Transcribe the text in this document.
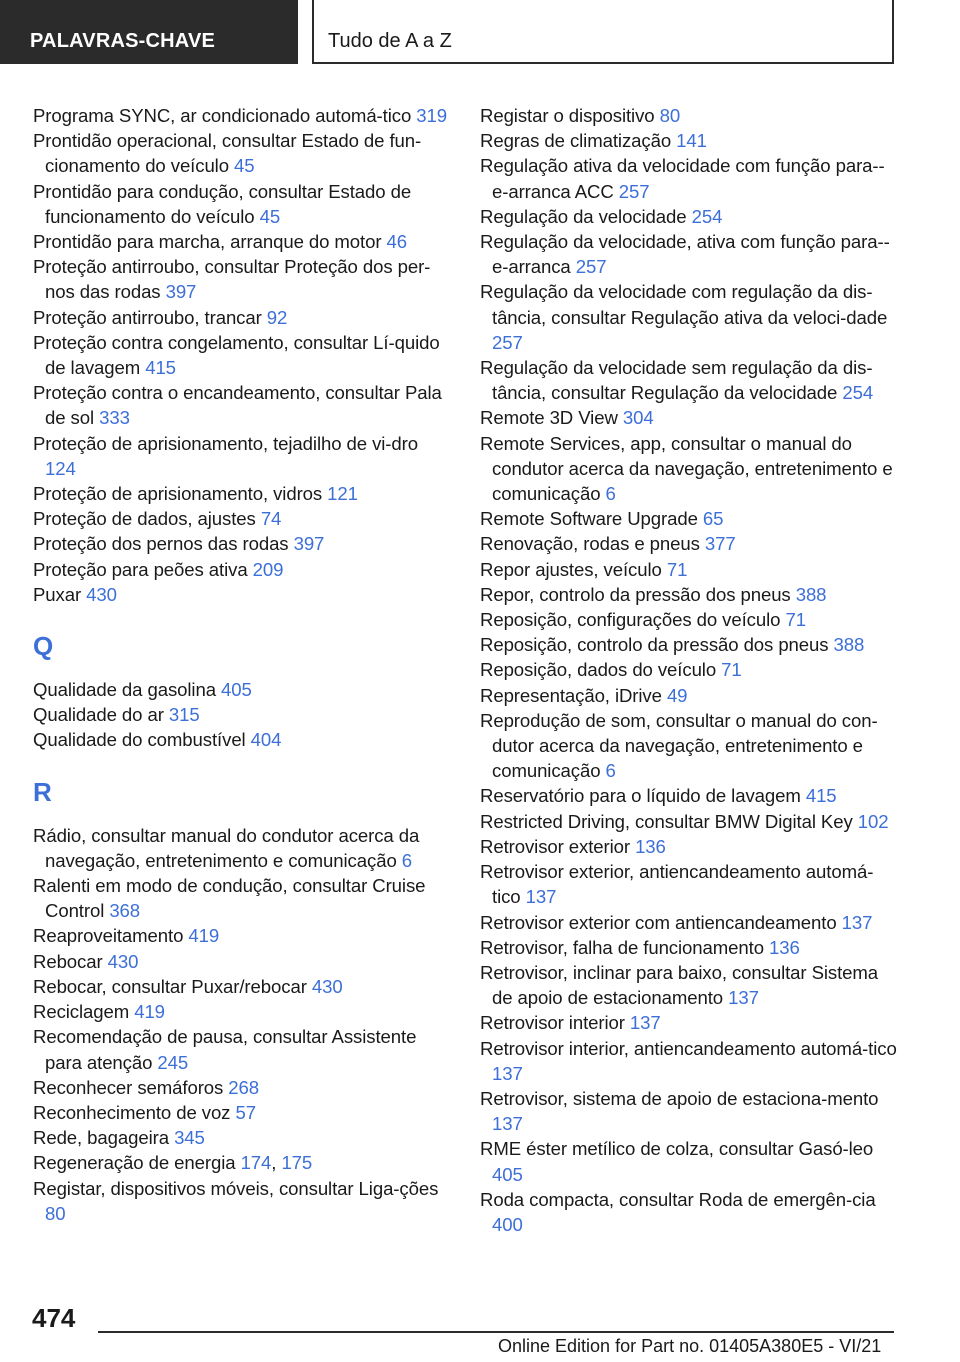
PALAVRAS-CHAVE	Tudo de A a Z
Programa SYNC, ar condicionado automá-tico 319
Prontidão operacional, consultar Estado de fun-cionamento do veículo 45
Prontidão para condução, consultar Estado de funcionamento do veículo 45
Prontidão para marcha, arranque do motor 46
Proteção antirroubo, consultar Proteção dos per-nos das rodas 397
Proteção antirroubo, trancar 92
Proteção contra congelamento, consultar Lí-quido de lavagem 415
Proteção contra o encandeamento, consultar Pala de sol 333
Proteção de aprisionamento, tejadilho de vi-dro 124
Proteção de aprisionamento, vidros 121
Proteção de dados, ajustes 74
Proteção dos pernos das rodas 397
Proteção para peões ativa 209
Puxar 430
Q
Qualidade da gasolina 405
Qualidade do ar 315
Qualidade do combustível 404
R
Rádio, consultar manual do condutor acerca da navegação, entretenimento e comunicação 6
Ralenti em modo de condução, consultar Cruise Control 368
Reaproveitamento 419
Rebocar 430
Rebocar, consultar Puxar/rebocar 430
Reciclagem 419
Recomendação de pausa, consultar Assistente para atenção 245
Reconhecer semáforos 268
Reconhecimento de voz 57
Rede, bagageira 345
Regeneração de energia 174, 175
Registar, dispositivos móveis, consultar Liga-ções 80
Registar o dispositivo 80
Regras de climatização 141
Regulação ativa da velocidade com função para--e-arranca ACC 257
Regulação da velocidade 254
Regulação da velocidade, ativa com função para--e-arranca 257
Regulação da velocidade com regulação da dis-tância, consultar Regulação ativa da veloci-dade 257
Regulação da velocidade sem regulação da dis-tância, consultar Regulação da velocidade 254
Remote 3D View 304
Remote Services, app, consultar o manual do condutor acerca da navegação, entretenimento e comunicação 6
Remote Software Upgrade 65
Renovação, rodas e pneus 377
Repor ajustes, veículo 71
Repor, controlo da pressão dos pneus 388
Reposição, configurações do veículo 71
Reposição, controlo da pressão dos pneus 388
Reposição, dados do veículo 71
Representação, iDrive 49
Reprodução de som, consultar o manual do con-dutor acerca da navegação, entretenimento e comunicação 6
Reservatório para o líquido de lavagem 415
Restricted Driving, consultar BMW Digital Key 102
Retrovisor exterior 136
Retrovisor exterior, antiencandeamento automá-tico 137
Retrovisor exterior com antiencandeamento 137
Retrovisor, falha de funcionamento 136
Retrovisor, inclinar para baixo, consultar Sistema de apoio de estacionamento 137
Retrovisor interior 137
Retrovisor interior, antiencandeamento automá-tico 137
Retrovisor, sistema de apoio de estaciona-mento 137
RME éster metílico de colza, consultar Gasó-leo 405
Roda compacta, consultar Roda de emergên-cia 400
474
Online Edition for Part no. 01405A380E5 - VI/21
